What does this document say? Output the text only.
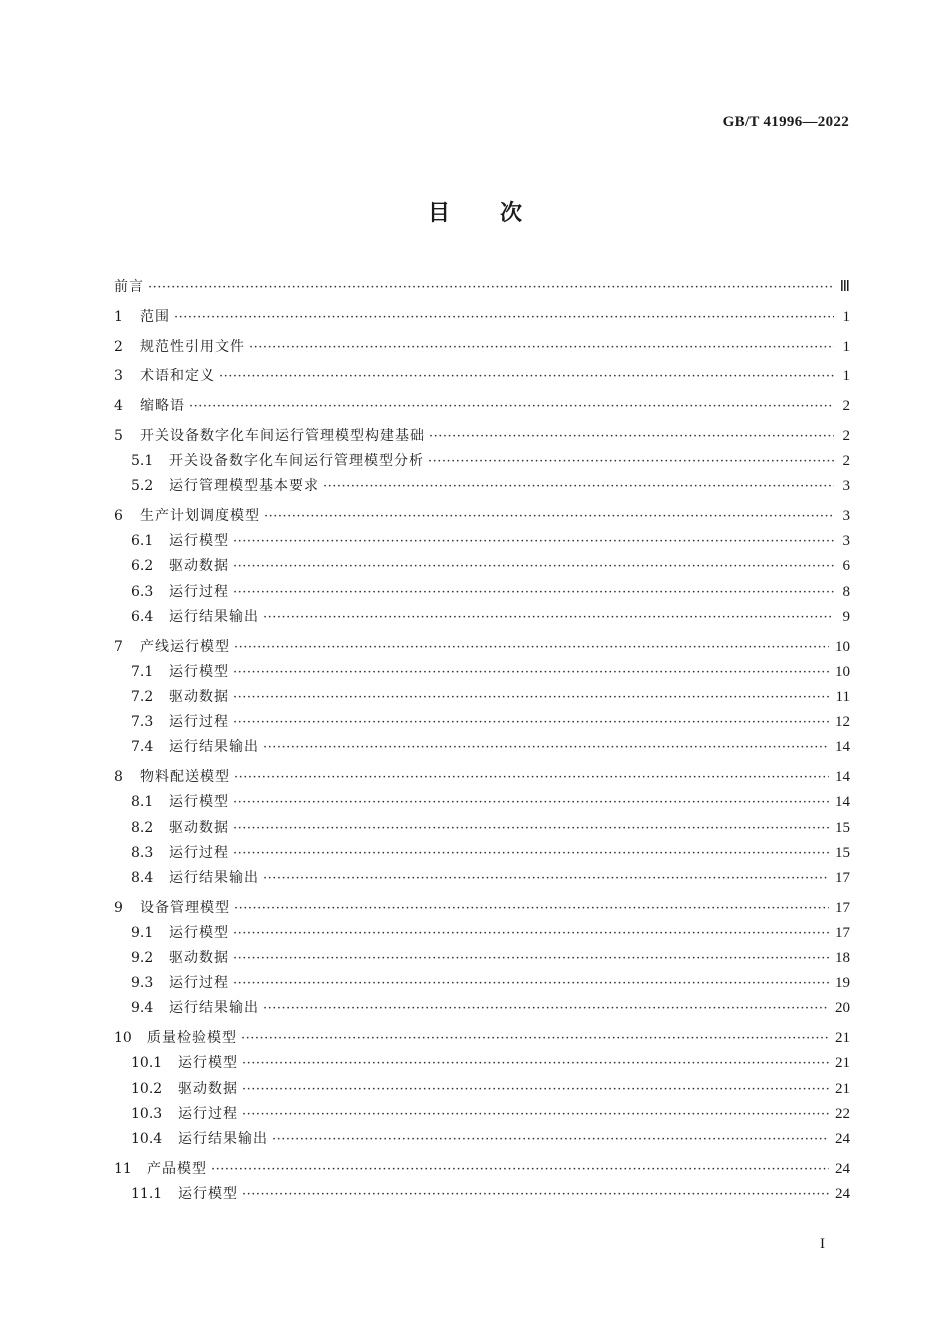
GB/T 41996—2022
目次
前言 ·····	Ⅲ
1	范围 ·····	1
2	规范性引用文件 ·····	1
3	术语和定义 ·····	1
4	缩略语 ·····	2
5	开关设备数字化车间运行管理模型构建基础 ·····	2
5.1	开关设备数字化车间运行管理模型分析 ·····	2
5.2	运行管理模型基本要求 ·····	3
6	生产计划调度模型 ·····	3
6.1	运行模型 ·····	3
6.2	驱动数据 ·····	6
6.3	运行过程 ·····	8
6.4	运行结果输出 ·····	9
7	产线运行模型 ·····	10
7.1	运行模型 ·····	10
7.2	驱动数据 ·····	11
7.3	运行过程 ·····	12
7.4	运行结果输出 ·····	14
8	物料配送模型 ·····	14
8.1	运行模型 ·····	14
8.2	驱动数据 ·····	15
8.3	运行过程 ·····	15
8.4	运行结果输出 ·····	17
9	设备管理模型 ·····	17
9.1	运行模型 ·····	17
9.2	驱动数据 ·····	18
9.3	运行过程 ·····	19
9.4	运行结果输出 ·····	20
10	质量检验模型 ·····	21
10.1	运行模型 ·····	21
10.2	驱动数据 ·····	21
10.3	运行过程 ·····	22
10.4	运行结果输出 ·····	24
11	产品模型 ·····	24
11.1	运行模型 ·····	24
I
